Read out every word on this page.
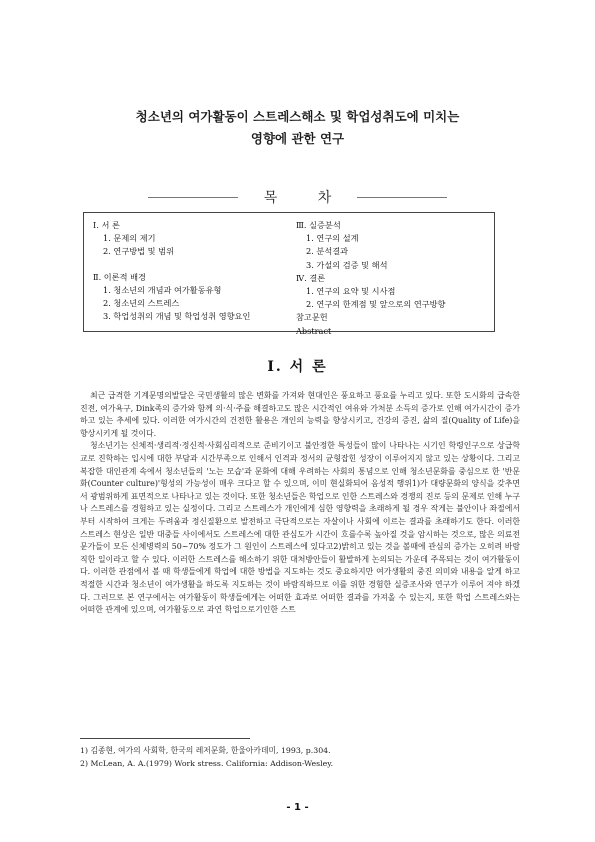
청소년의 여가활동이 스트레스해소 및 학업성취도에 미치는
영향에 관한 연구
목 차
Ⅰ. 서 론
1. 문제의 제기
2. 연구방법 및 범위
Ⅱ. 이론적 배경
1. 청소년의 개념과 여가활동유형
2. 청소년의 스트레스
3. 학업성취의 개념 및 학업성취 영향요인
Ⅲ. 실증분석
1. 연구의 설계
2. 분석결과
3. 가설의 검증 및 해석
Ⅳ. 결론
1. 연구의 요약 및 시사점
2. 연구의 한계점 및 앞으로의 연구방향
참고문헌
Abstract
Ⅰ. 서 론

최근 급격한 기계문명의발달은 국민생활의 많은 변화를 가져와 현대인은 풍요하고 풍요를 누리고 있다. 또한 도시화의 급속한 진전, 여가욕구, Dink족의 증가와 함께 의·식·주를 해결하고도 많은 시간적인 여유와 가처분 소득의 증가로 인해 여가시간이 증가하고 있는 추세에 있다. 이러한 여가시간의 건전한 활용은 개인의 능력을 향상시키고, 건강의 증진, 삶의 질(Quality of Life)을 향상시키게 될 것이다.

청소년기는 신체적·생리적·정신적·사회심리적으로 준비기이고 불안정한 특성들이 많이 나타나는 시기인 학령인구으로 상급학교로 진학하는 입시에 대한 부담과 시간부족으로 인해서 인격과 정서의 균형잡힌 성장이 이루어지지 않고 있는 상황이다. 그리고 복잡한 대인관계 속에서 청소년들의 '노는 모습'과 문화에 대해 우려하는 사회의 통념으로 인해 청소년문화를 중심으로 한 '반문화(Counter culture)'형성의 가능성이 매우 크다고 할 수 있으며, 이미 현실화되어 음성적 행위1)가 대량문화의 양식을 갖추면서 광범위하게 표면적으로 나타나고 있는 것이다. 또한 청소년들은 학업으로 인한 스트레스와 경쟁의 진로 등의 문제로 인해 누구나 스트레스를 경험하고 있는 실정이다. 그리고 스트레스가 개인에게 심한 영향력을 초래하게 될 경우 작게는 불안이나 좌절에서부터 시작하여 크게는 두려움과 정신질환으로 발전하고 극단적으로는 자살이나 사회에 이르는 결과를 초래하기도 한다. 이러한 스트레스 현상은 일반 대중들 사이에서도 스트레스에 대한 관심도가 시간이 흐를수록 높아질 것을 암시하는 것으로, 많은 의료전문가들이 모든 신체병력의 50~70% 정도가 그 원인이 스트레스에 있다고2)밝히고 있는 것을 볼때에 관심의 증가는 오히려 바람직한 일이라고 할 수 있다. 이러한 스트레스를 해소하기 위한 대처방안들이 활발하게 논의되는 가운데 주목되는 것이 여가활동이다. 이러한 관점에서 볼 때 학생들에게 학업에 대한 방법을 지도하는 것도 중요하지만 여가생활의 중진 의미와 내용을 알게 하고 적절한 시간과 청소년이 여가생활을 하도록 지도하는 것이 바람직하므로 이를 위한 경험한 실증조사와 연구가 이루어 져야 하겠다. 그러므로 본 연구에서는 여가활동이 학생들에게는 어떠한 효과로 어떠한 결과를 가져올 수 있는지, 또한 학업 스트레스와는 어떠한 관계에 있으며, 여가활동으로 과연 학업으로기인한 스트

1) 김종현, 여가의 사회학, 한국의 레저문화, 한울아카데미, 1993, p.304.
2) McLean, A. A.(1979) Work stress. California: Addison-Wesley.
- 1 -
